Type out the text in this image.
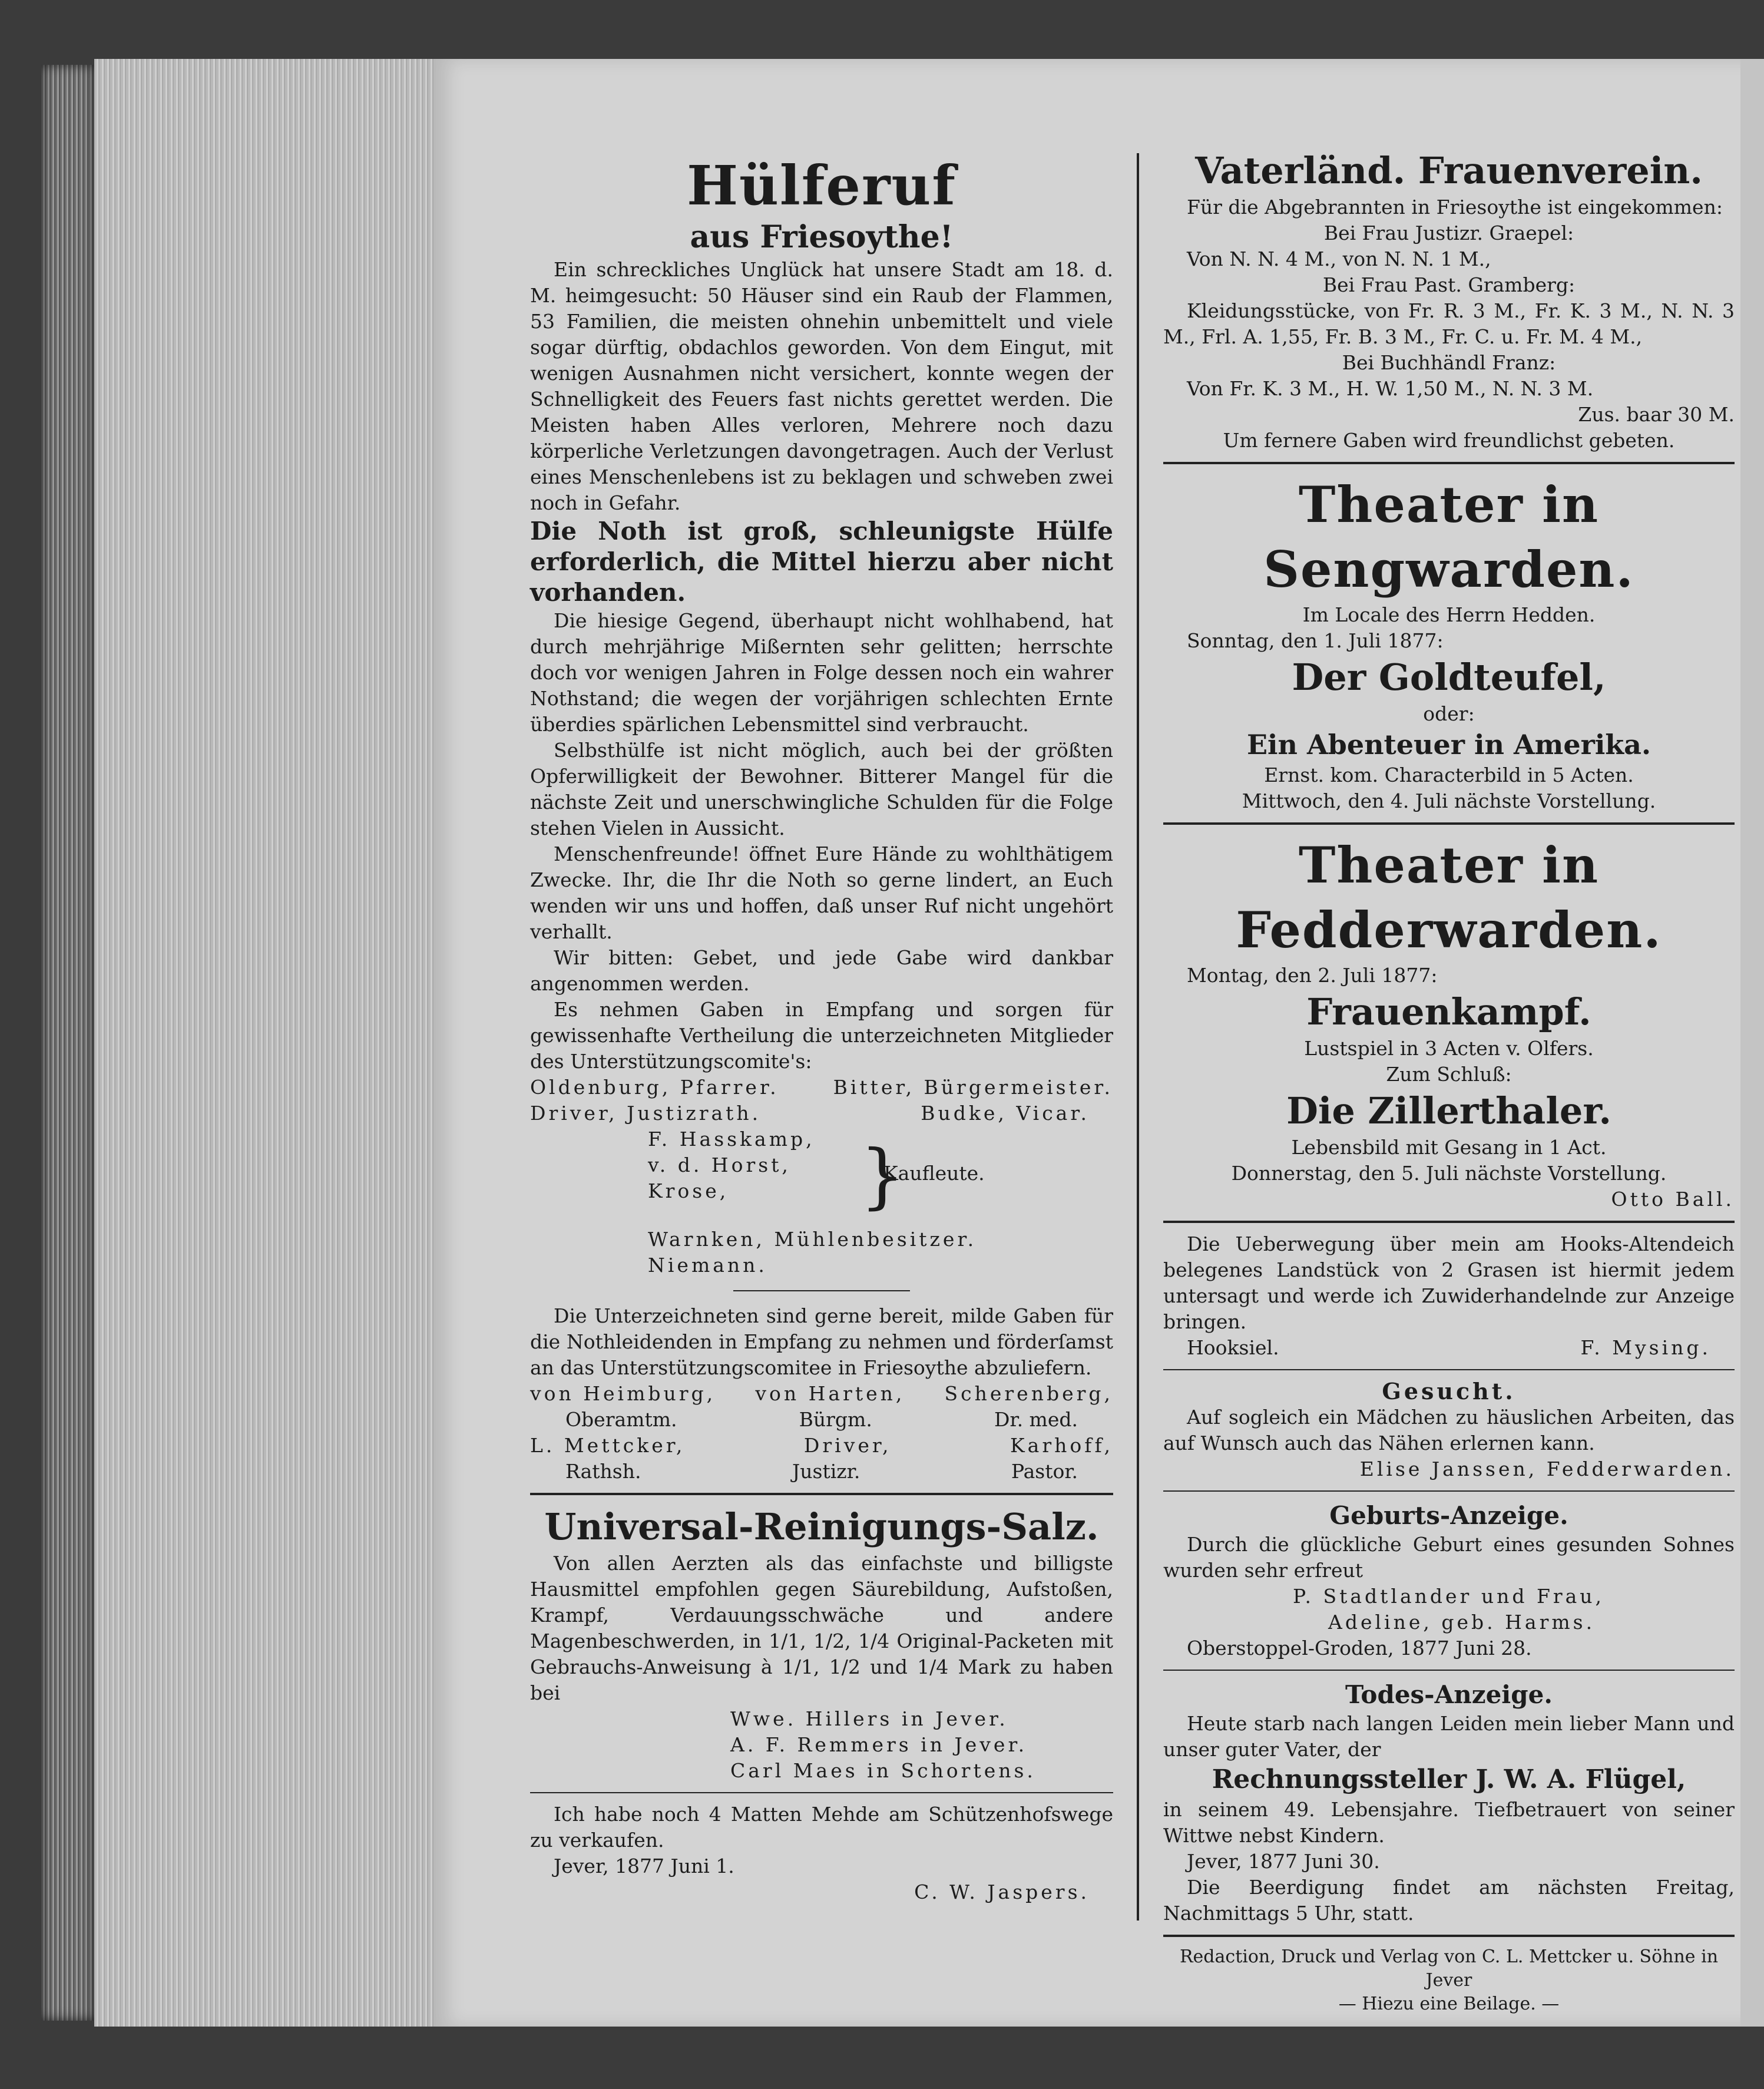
Hülferuf
aus Friesoythe!

Ein schreckliches Unglück hat unsere Stadt am 18. d. M. heimgesucht: 50 Häuser sind ein Raub der Flammen, 53 Familien, die meisten ohnehin unbemittelt und viele sogar dürftig, obdachlos geworden. Von dem Eingut, mit wenigen Ausnahmen nicht versichert, konnte wegen der Schnelligkeit des Feuers fast nichts gerettet werden. Die Meisten haben Alles verloren, Mehrere noch dazu körperliche Verletzungen davongetragen. Auch der Verlust eines Menschenlebens ist zu beklagen und schweben zwei noch in Gefahr.

Die Noth ist groß, schleunigste Hülfe erforderlich, die Mittel hierzu aber nicht vorhanden.

Die hiesige Gegend, überhaupt nicht wohlhabend, hat durch mehrjährige Mißernten sehr gelitten; herrschte doch vor wenigen Jahren in Folge dessen noch ein wahrer Nothstand; die wegen der vorjährigen schlechten Ernte überdies spärlichen Lebensmittel sind verbraucht.

Selbsthülfe ist nicht möglich, auch bei der größten Opferwilligkeit der Bewohner. Bitterer Mangel für die nächste Zeit und unerschwingliche Schulden für die Folge stehen Vielen in Aussicht.

Menschenfreunde! öffnet Eure Hände zu wohlthätigem Zwecke. Ihr, die Ihr die Noth so gerne lindert, an Euch wenden wir uns und hoffen, daß unser Ruf nicht ungehört verhallt.

Wir bitten: Gebet, und jede Gabe wird dankbar angenommen werden.

Es nehmen Gaben in Empfang und sorgen für gewissenhafte Vertheilung die unterzeichneten Mitglieder des Unterstützungscomite's:

Oldenburg, Pfarrer.	Bitter, Bürgermeister.
Driver, Justizrath.	Budke, Vicar.

F. Hasskamp,

v. d. Horst,

Krose,	}
Kaufleute.

Warnken, Mühlenbesitzer.

Niemann.

Die Unterzeichneten sind gerne bereit, milde Gaben für die Nothleidenden in Empfang zu nehmen und förderſamst an das Unterstützungscomitee in Friesoythe abzuliefern.

von Heimburg, von Harten, Scherenberg,
Oberamtm.	Bürgm.	Dr. med.
L. Mettcker,	Driver,	Karhoff,
Rathsh.	Justizr.	Pastor.
Universal-Reinigungs-Salz.

Von allen Aerzten als das einfachste und billigste Hausmittel empfohlen gegen Säurebildung, Aufstoßen, Krampf, Verdauungsschwäche und andere Magenbeschwerden, in 1/1, 1/2, 1/4 Original-Packeten mit Gebrauchs-Anweisung à 1/1, 1/2 und 1/4 Mark zu haben bei

Wwe. Hillers in Jever.

A. F. Remmers in Jever.

Carl Maes in Schortens.

Ich habe noch 4 Matten Mehde am Schützenhofswege zu verkaufen.

Jever, 1877 Juni 1.

C. W. Jaspers.

Vaterländ. Frauenverein.

Für die Abgebrannten in Friesoythe ist eingekommen:

Bei Frau Justizr. Graepel:

Von N. N. 4 M., von N. N. 1 M.,

Bei Frau Past. Gramberg:

Kleidungsstücke, von Fr. R. 3 M., Fr. K. 3 M., N. N. 3 M., Frl. A. 1,55, Fr. B. 3 M., Fr. C. u. Fr. M. 4 M.,

Bei Buchhändl Franz:

Von Fr. K. 3 M., H. W. 1,50 M., N. N. 3 M.

Zus. baar 30 M.

Um fernere Gaben wird freundlichst gebeten.

Theater in Sengwarden.

Im Locale des Herrn Hedden.

Sonntag, den 1. Juli 1877:

Der Goldteufel,

oder:

Ein Abenteuer in Amerika.

Ernst. kom. Characterbild in 5 Acten.

Mittwoch, den 4. Juli nächste Vorstellung.

Theater in Fedderwarden.

Montag, den 2. Juli 1877:

Frauenkampf.

Lustspiel in 3 Acten v. Olfers.

Zum Schluß:

Die Zillerthaler.

Lebensbild mit Gesang in 1 Act.

Donnerstag, den 5. Juli nächste Vorstellung.

Otto Ball.

Die Ueberwegung über mein am Hooks-Altendeich belegenes Landstück von 2 Grasen ist hiermit jedem untersagt und werde ich Zuwiderhandelnde zur Anzeige bringen.

Hooksiel.	F. Mysing.

Gesucht.

Auf sogleich ein Mädchen zu häuslichen Arbeiten, das auf Wunsch auch das Nähen erlernen kann.

Elise Janssen, Fedderwarden.

Geburts-Anzeige.

Durch die glückliche Geburt eines gesunden Sohnes wurden sehr erfreut

P. Stadtlander und Frau,

Adeline, geb. Harms.

Oberstoppel-Groden, 1877 Juni 28.

Todes-Anzeige.

Heute starb nach langen Leiden mein lieber Mann und unser guter Vater, der

Rechnungssteller J. W. A. Flügel,

in seinem 49. Lebensjahre. Tiefbetrauert von seiner Wittwe nebst Kindern.

Jever, 1877 Juni 30.

Die Beerdigung findet am nächsten Freitag, Nachmittags 5 Uhr, statt.

Redaction, Druck und Verlag von C. L. Mettcker u. Söhne in Jever

— Hiezu eine Beilage. —
